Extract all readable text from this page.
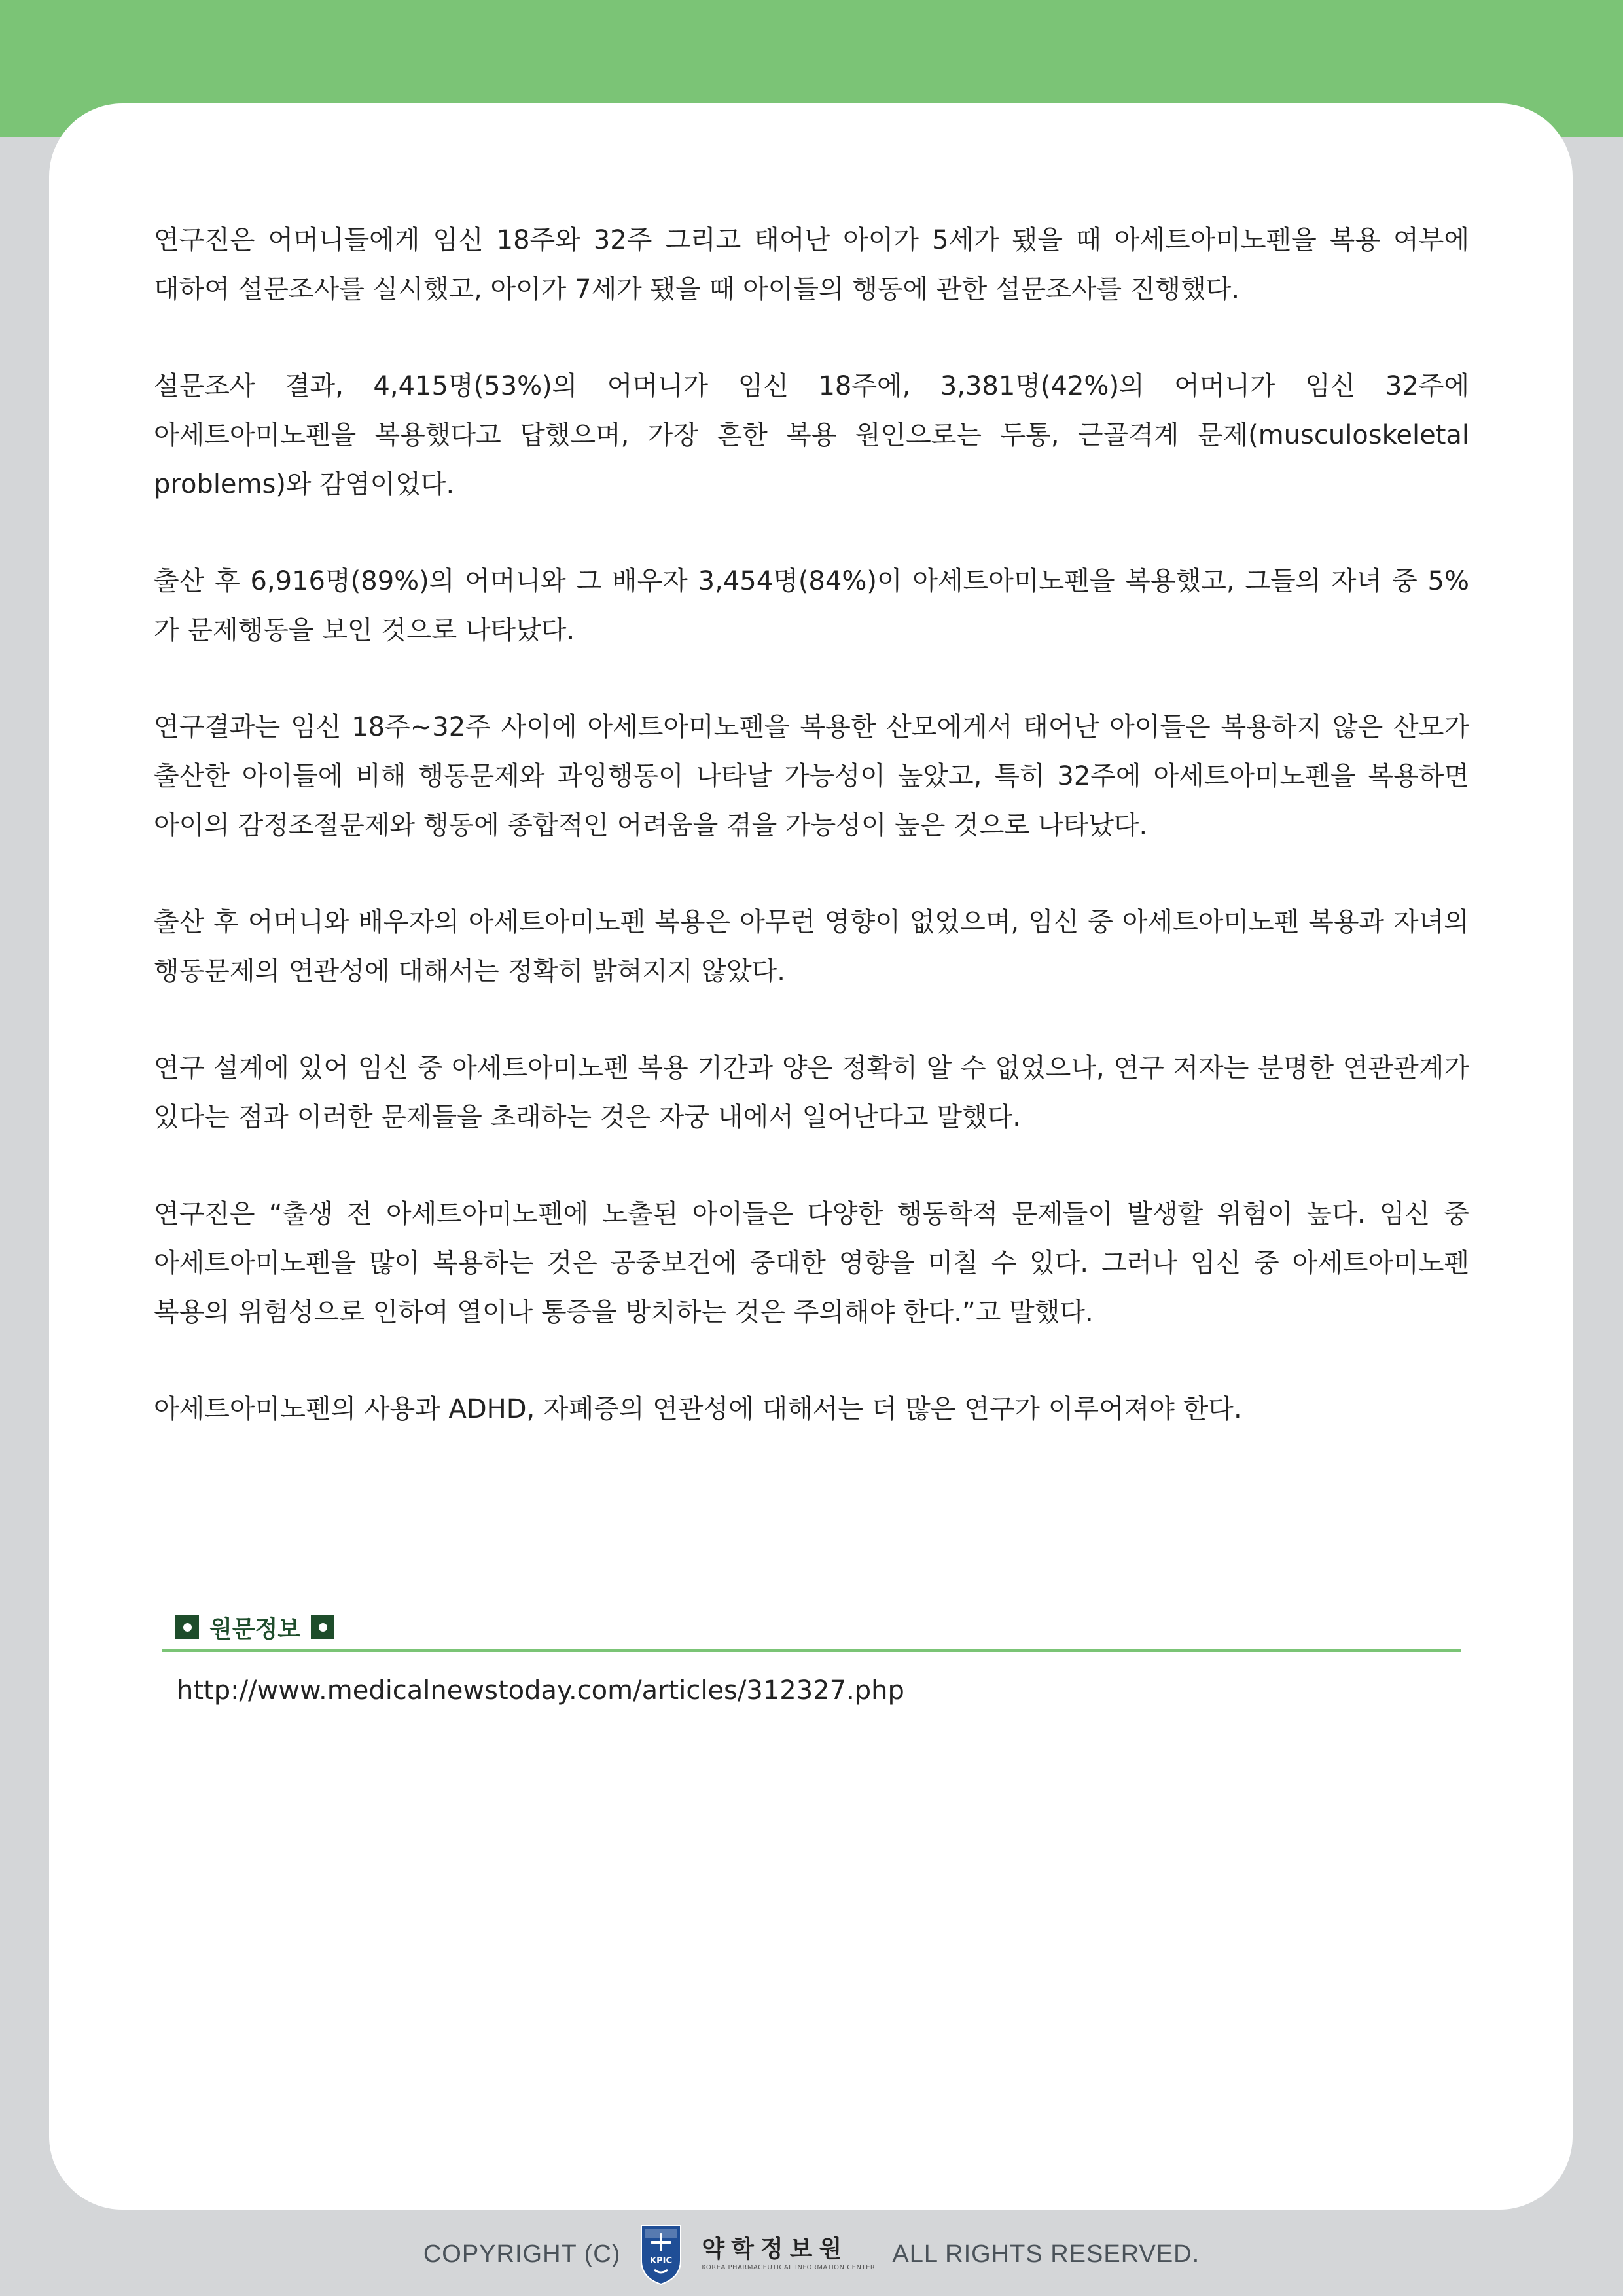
연구진은 어머니들에게 임신 18주와 32주 그리고 태어난 아이가 5세가 됐을 때 아세트아미노펜을 복용 여부에 대하여 설문조사를 실시했고, 아이가 7세가 됐을 때 아이들의 행동에 관한 설문조사를 진행했다.

설문조사 결과, 4,415명(53%)의 어머니가 임신 18주에, 3,381명(42%)의 어머니가 임신 32주에 아세트아미노펜을 복용했다고 답했으며, 가장 흔한 복용 원인으로는 두통, 근골격계 문제(musculoskeletal problems)와 감염이었다.

출산 후 6,916명(89%)의 어머니와 그 배우자 3,454명(84%)이 아세트아미노펜을 복용했고, 그들의 자녀 중 5%가 문제행동을 보인 것으로 나타났다.

연구결과는 임신 18주~32주 사이에 아세트아미노펜을 복용한 산모에게서 태어난 아이들은 복용하지 않은 산모가 출산한 아이들에 비해 행동문제와 과잉행동이 나타날 가능성이 높았고, 특히 32주에 아세트아미노펜을 복용하면 아이의 감정조절문제와 행동에 종합적인 어려움을 겪을 가능성이 높은 것으로 나타났다.

출산 후 어머니와 배우자의 아세트아미노펜 복용은 아무런 영향이 없었으며, 임신 중 아세트아미노펜 복용과 자녀의 행동문제의 연관성에 대해서는 정확히 밝혀지지 않았다.

연구 설계에 있어 임신 중 아세트아미노펜 복용 기간과 양은 정확히 알 수 없었으나, 연구 저자는 분명한 연관관계가 있다는 점과 이러한 문제들을 초래하는 것은 자궁 내에서 일어난다고 말했다.

연구진은 “출생 전 아세트아미노펜에 노출된 아이들은 다양한 행동학적 문제들이 발생할 위험이 높다. 임신 중 아세트아미노펜을 많이 복용하는 것은 공중보건에 중대한 영향을 미칠 수 있다. 그러나 임신 중 아세트아미노펜 복용의 위험성으로 인하여 열이나 통증을 방치하는 것은 주의해야 한다.”고 말했다.

아세트아미노펜의 사용과 ADHD, 자폐증의 연관성에 대해서는 더 많은 연구가 이루어져야 한다.

원문정보
http://www.medicalnewstoday.com/articles/312327.php
COPYRIGHT (C)	KPIC 약학정보원
KOREA PHARMACEUTICAL INFORMATION CENTER ALL RIGHTS RESERVED.
